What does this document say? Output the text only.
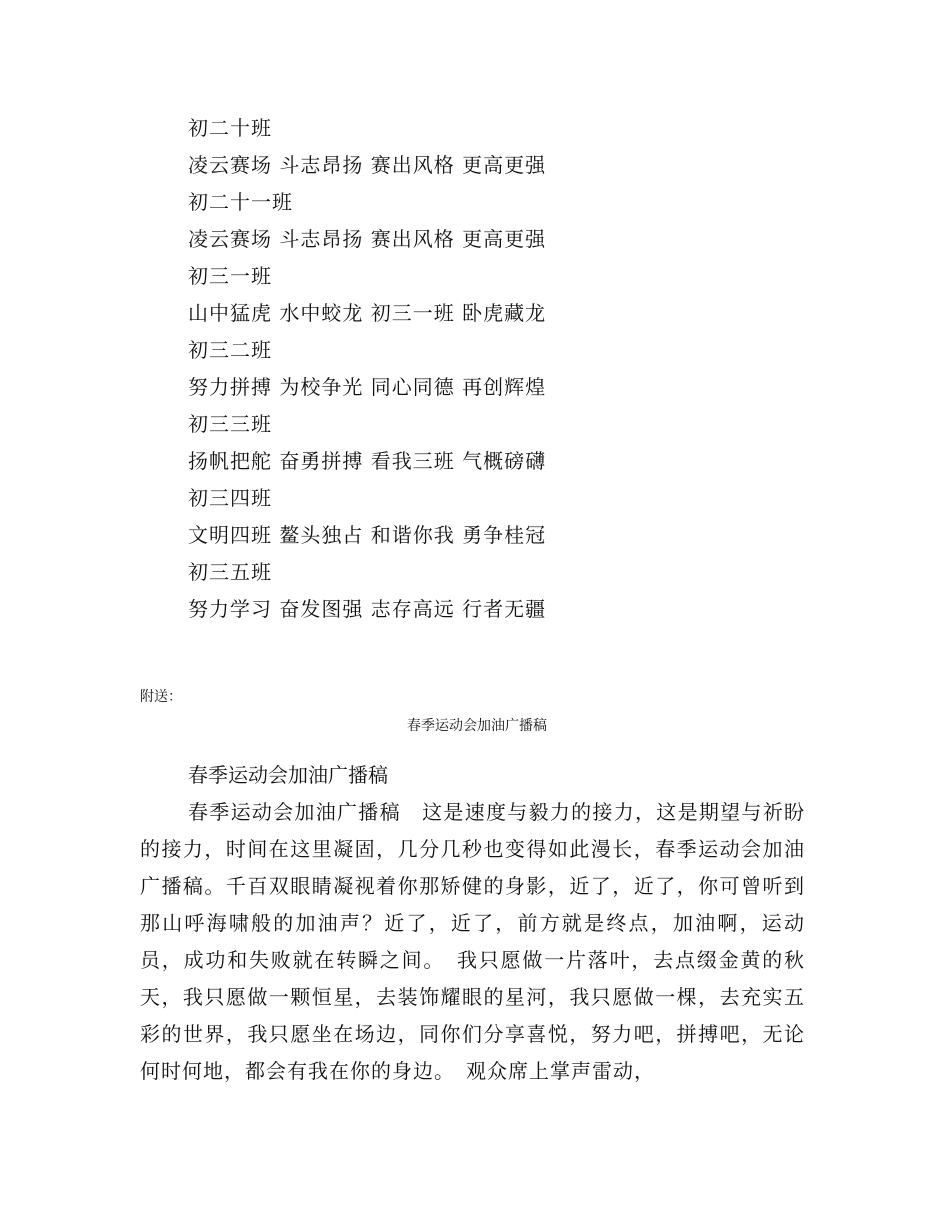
初二十班
凌云赛场 斗志昂扬 赛出风格 更高更强
初二十一班
凌云赛场 斗志昂扬 赛出风格 更高更强
初三一班
山中猛虎 水中蛟龙 初三一班 卧虎藏龙
初三二班
努力拼搏 为校争光 同心同德 再创辉煌
初三三班
扬帆把舵 奋勇拼搏 看我三班 气概磅礴
初三四班
文明四班 鳌头独占 和谐你我 勇争桂冠
初三五班
努力学习 奋发图强 志存高远 行者无疆
附送：
春季运动会加油广播稿
春季运动会加油广播稿
春季运动会加油广播稿　这是速度与毅力的接力，这是期望与祈盼的接力，时间在这里凝固，几分几秒也变得如此漫长，春季运动会加油广播稿。千百双眼睛凝视着你那矫健的身影，近了，近了，你可曾听到那山呼海啸般的加油声？近了，近了，前方就是终点，加油啊，运动员，成功和失败就在转瞬之间。　我只愿做一片落叶，去点缀金黄的秋天，我只愿做一颗恒星，去装饰耀眼的星河，我只愿做一棵，去充实五彩的世界，我只愿坐在场边，同你们分享喜悦，努力吧，拼搏吧，无论何时何地，都会有我在你的身边。　观众席上掌声雷动，
